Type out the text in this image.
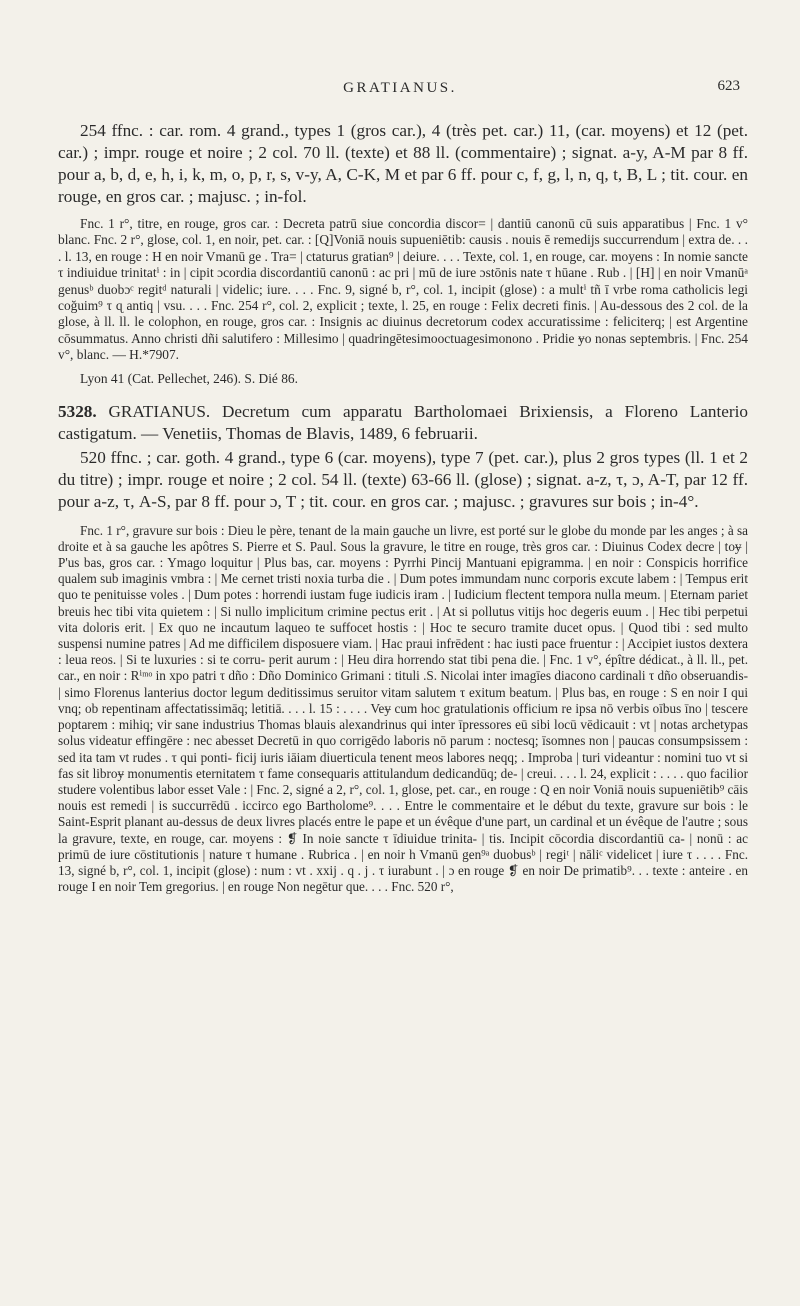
GRATIANUS.	623

254 ffnc. : car. rom. 4 grand., types 1 (gros car.), 4 (très pet. car.) 11, (car. moyens) et 12 (pet. car.) ; impr. rouge et noire ; 2 col. 70 ll. (texte) et 88 ll. (commentaire) ; signat. a-y, A-M par 8 ff. pour a, b, d, e, h, i, k, m, o, p, r, s, v-y, A, C-K, M et par 6 ff. pour c, f, g, l, n, q, t, B, L ; tit. cour. en rouge, en gros car. ; majusc. ; in-fol.

Fnc. 1 r°, titre, en rouge, gros car. : Decreta patrū siue concordia discor= | dantiū canonū cū suis apparatibus | Fnc. 1 v° blanc. Fnc. 2 r°, glose, col. 1, en noir, pet. car. : [Q]Voniā nouis supueniētib: causis . nouis ē remedijs succurrendum | extra de. . . . l. 13, en rouge : H en noir Vmanū ge . Tra= | ctaturus gratian⁹ | deiure. . . . Texte, col. 1, en rouge, car. moyens : In nomie sancte τ indiuidue trinitatⁱ : in | cipit ɔcordia discordantiū canonū : ac pri | mū de iure ɔstōnis nate τ hūane . Rub . | [H] | en noir Vmanūᵃ genusᵇ duobɔᶜ regitᵈ naturali | videlic; iure. . . . Fnc. 9, signé b, r°, col. 1, incipit (glose) : a multⁱ tñ ī vrbe roma catholicis legi coğuim⁹ τ ɋ antiq | vsu. . . . Fnc. 254 r°, col. 2, explicit ; texte, l. 25, en rouge : Felix decreti finis. | Au-dessous des 2 col. de la glose, à ll. ll. le colophon, en rouge, gros car. : Insignis ac diuinus decretorum codex accuratissime : feliciterq; | est Argentine cōsummatus. Anno christi dñi salutifero : Millesimo | quadringētesimooctuagesimonono . Pridie ɏo nonas septembris. | Fnc. 254 v°, blanc. — H.*7907.

Lyon 41 (Cat. Pellechet, 246). S. Dié 86.

5328. GRATIANUS. Decretum cum apparatu Bartholomaei Brixiensis, a Floreno Lanterio castigatum. — Venetiis, Thomas de Blavis, 1489, 6 februarii.

520 ffnc. ; car. goth. 4 grand., type 6 (car. moyens), type 7 (pet. car.), plus 2 gros types (ll. 1 et 2 du titre) ; impr. rouge et noire ; 2 col. 54 ll. (texte) 63-66 ll. (glose) ; signat. a-z, τ, ɔ, A-T, par 12 ff. pour a-z, τ, A-S, par 8 ff. pour ɔ, T ; tit. cour. en gros car. ; majusc. ; gravures sur bois ; in-4°.

Fnc. 1 r°, gravure sur bois : Dieu le père, tenant de la main gauche un livre, est porté sur le globe du monde par les anges ; à sa droite et à sa gauche les apôtres S. Pierre et S. Paul. Sous la gravure, le titre en rouge, très gros car. : Diuinus Codex decre | toɏ | P'us bas, gros car. : Ymago loquitur | Plus bas, car. moyens : Pyrrhi Pincij Mantuani epigramma. | en noir : Conspicis horrifice qualem sub imaginis vmbra : | Me cernet tristi noxia turba die . | Dum potes immundam nunc corporis excute labem : | Tempus erit quo te penituisse voles . | Dum potes : horrendi iustam fuge iudicis iram . | Iudicium flectent tempora nulla meum. | Eternam pariet breuis hec tibi vita quietem : | Si nullo implicitum crimine pectus erit . | At si pollutus vitijs hoc degeris euum . | Hec tibi perpetui vita doloris erit. | Ex quo ne incautum laqueo te suffocet hostis : | Hoc te securo tramite ducet opus. | Quod tibi : sed multo suspensi numine patres | Ad me difficilem disposuere viam. | Hac praui infrēdent : hac iusti pace fruentur : | Accipiet iustos dextera : leua reos. | Si te luxuries : si te corru- perit aurum : | Heu dira horrendo stat tibi pena die. | Fnc. 1 v°, épître dédicat., à ll. ll., pet. car., en noir : Rⁱᵐᵒ in xpo patri τ dño : Dño Dominico Grimani : tituli .S. Nicolai inter imagīes diacono cardinali τ dño obseruandis- | simo Florenus lanterius doctor legum deditissimus seruitor vitam salutem τ exitum beatum. | Plus bas, en rouge : S en noir I qui vnq; ob repentinam affectatissimāq; letitiā. . . . l. 15 : . . . . Veɏ cum hoc gratulationis officium re ipsa nō verbis oībus īno | tescere poptarem : mihiq; vir sane industrius Thomas blauis alexandrinus qui inter īpressores eū sibi locū vēdicauit : vt | notas archetypas solus videatur effingēre : nec abesset Decretū in quo corrigēdo laboris nō parum : noctesq; īsomnes non | paucas consumpsissem : sed ita tam vt rudes . τ qui ponti- ficij iuris iāiam diuerticula tenent meos labores neqq; . Improba | turi videantur : nomini tuo vt si fas sit libroɏ monumentis eternitatem τ fame consequaris attitulandum dedicandūq; de- | creui. . . . l. 24, explicit : . . . . quo facilior studere volentibus labor esset Vale : | Fnc. 2, signé a 2, r°, col. 1, glose, pet. car., en rouge : Q en noir Voniā nouis supueniētib⁹ cāis nouis est remedi | is succurrēdū . iccirco ego Bartholome⁹. . . . Entre le commentaire et le début du texte, gravure sur bois : le Saint-Esprit planant au-dessus de deux livres placés entre le pape et un évêque d'une part, un cardinal et un évêque de l'autre ; sous la gravure, texte, en rouge, car. moyens : ❡ In noie sancte τ īdiuidue trinita- | tis. Incipit cōcordia discordantiū ca- | nonū : ac primū de iure cōstitutionis | nature τ humane . Rubrica . | en noir h Vmanū gen⁹ᵃ duobusᵇ | regiᵗ | nāliᶜ videlicet | iure τ . . . . Fnc. 13, signé b, r°, col. 1, incipit (glose) : num : vt . xxij . q . j . τ iurabunt . | ɔ en rouge ❡ en noir De primatib⁹. . . texte : anteire . en rouge I en noir Tem gregorius. | en rouge Non negētur que. . . . Fnc. 520 r°,
